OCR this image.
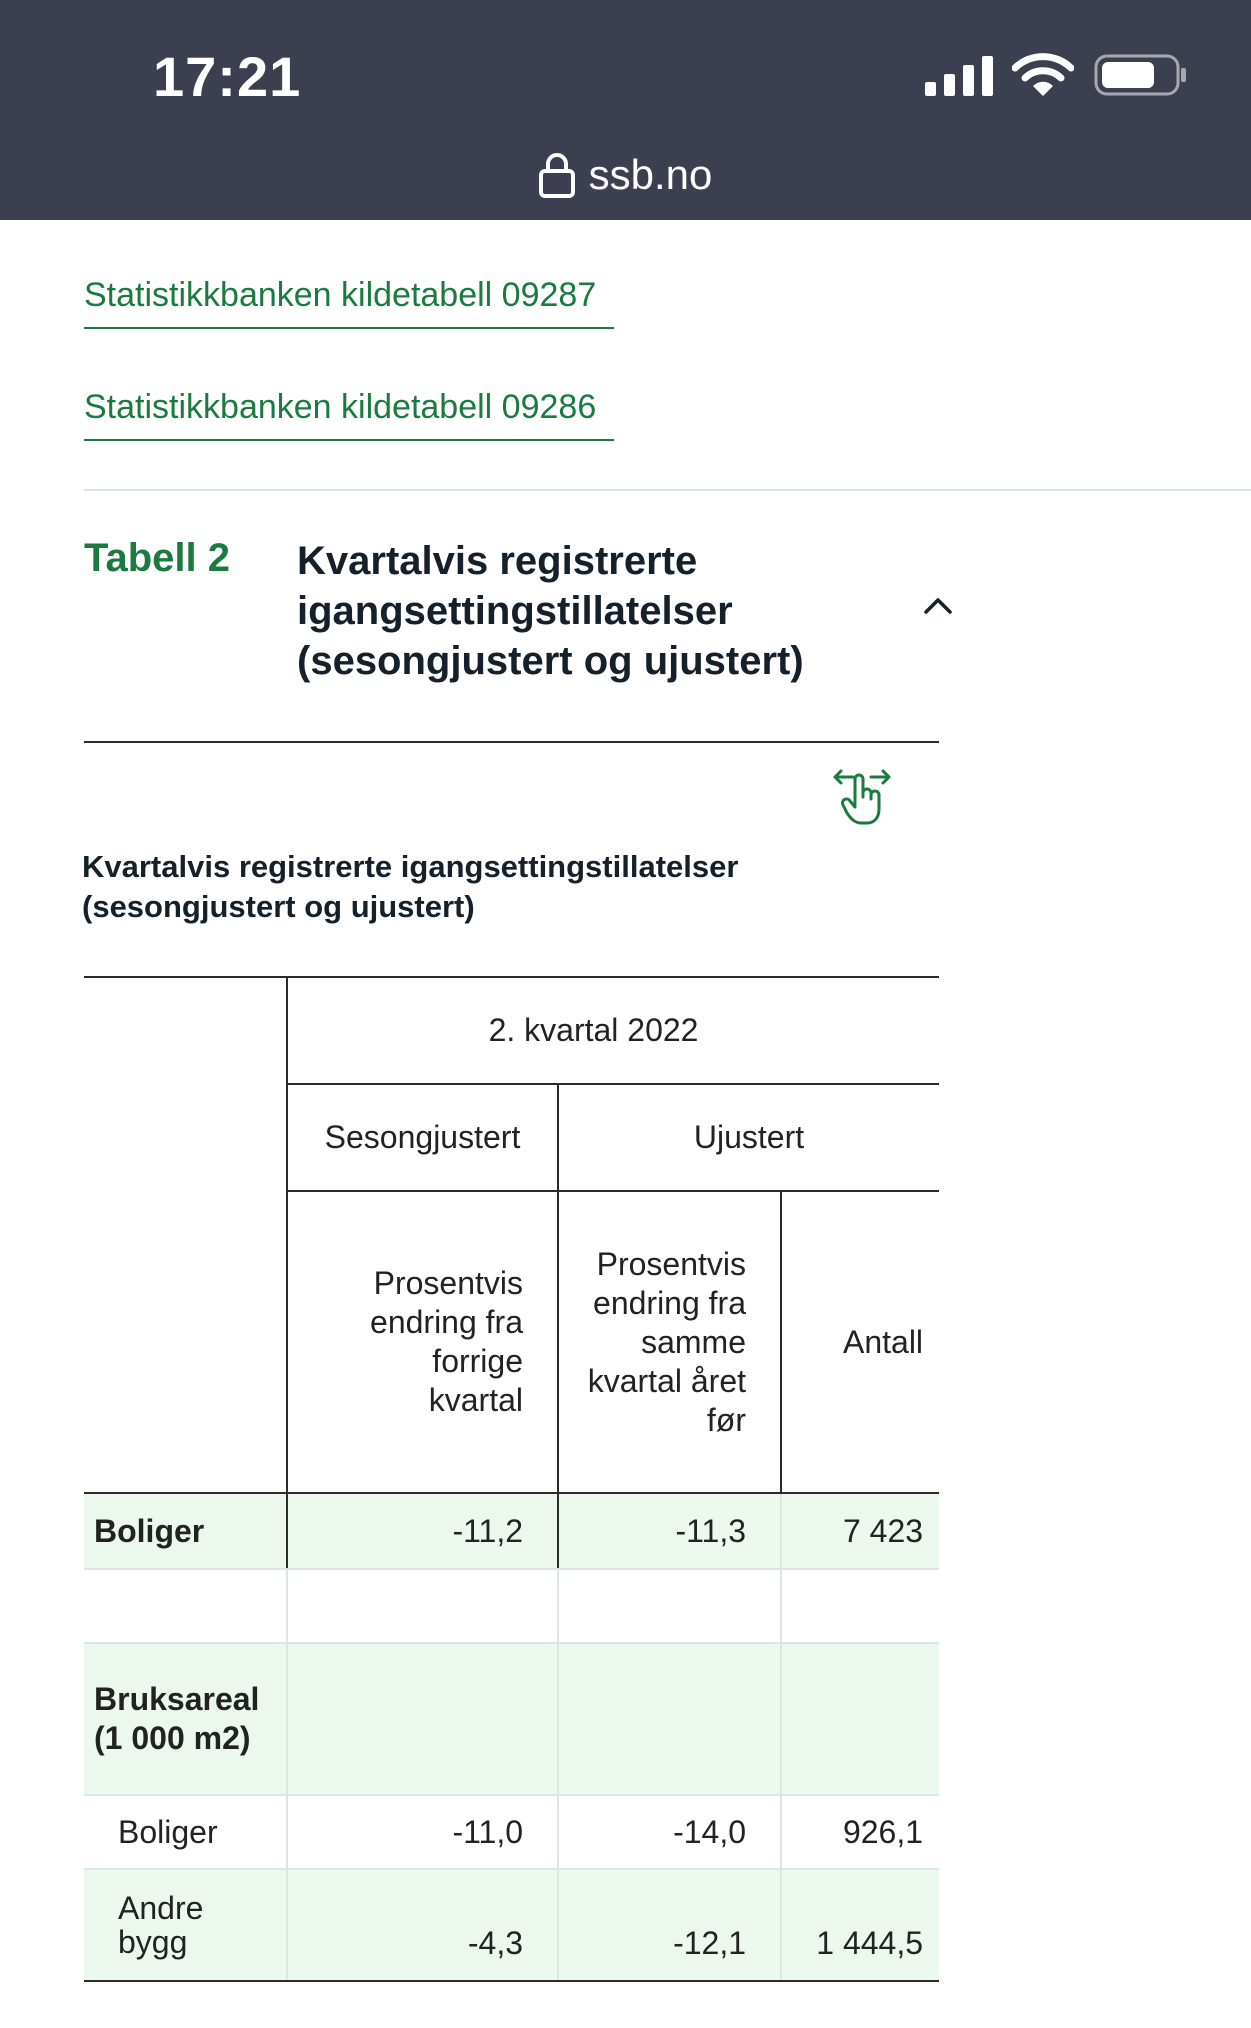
17:21
ssb.no
Statistikkbanken kildetabell 09287
Statistikkbanken kildetabell 09286
Tabell 2 Kvartalvis registrerte igangsettingstillatelser (sesongjustert og ujustert)
Kvartalvis registrerte igangsettingstillatelser (sesongjustert og ujustert)
	2. kvartal 2022		
	Sesongjustert	Ujustert	

	Prosentvis endring fra forrige kvartal	Prosentvis endring fra samme kvartal året før	Antall
Boliger	-11,2	-11,3	7 423

Bruksareal (1 000 m2)			
Boliger	-11,0	-14,0	926,1

Andre bygg	-4,3	-12,1	1 444,5
